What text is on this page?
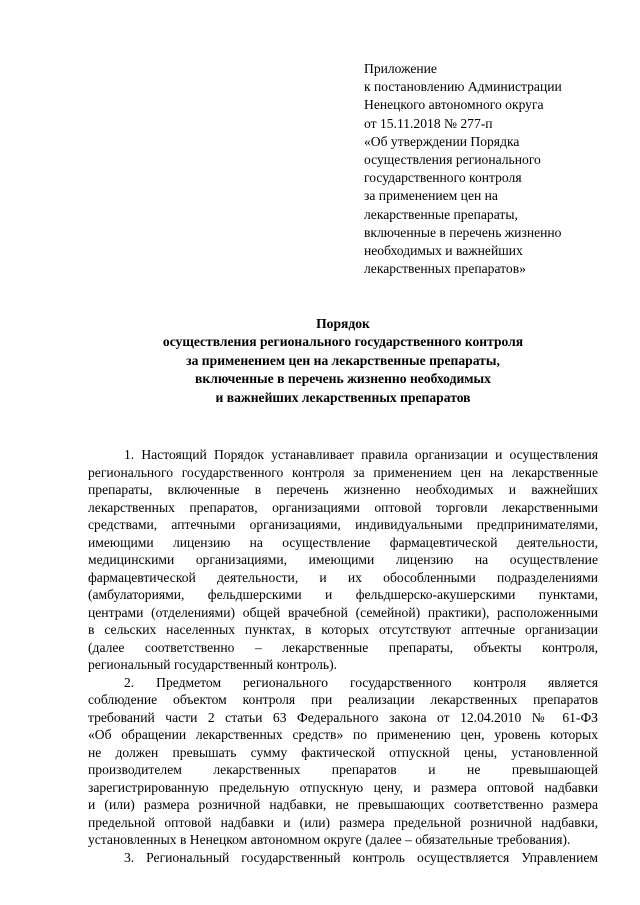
Приложение
к постановлению Администрации
Ненецкого автономного округа
от 15.11.2018 № 277-п
«Об утверждении Порядка
осуществления регионального
государственного контроля
за применением цен на
лекарственные препараты,
включенные в перечень жизненно
необходимых и важнейших
лекарственных препаратов»
Порядок
осуществления регионального государственного контроля
за применением цен на лекарственные препараты,
включенные в перечень жизненно необходимых
и важнейших лекарственных препаратов
1. Настоящий Порядок устанавливает правила организации и осуществления
регионального государственного контроля за применением цен на лекарственные
препараты, включенные в перечень жизненно необходимых и важнейших
лекарственных препаратов, организациями оптовой торговли лекарственными
средствами, аптечными организациями, индивидуальными предпринимателями,
имеющими лицензию на осуществление фармацевтической деятельности,
медицинскими организациями, имеющими лицензию на осуществление
фармацевтической деятельности, и их обособленными подразделениями
(амбулаториями, фельдшерскими и фельдшерско-акушерскими пунктами,
центрами (отделениями) общей врачебной (семейной) практики), расположенными
в сельских населенных пунктах, в которых отсутствуют аптечные организации
(далее соответственно – лекарственные препараты, объекты контроля,
региональный государственный контроль).
2. Предметом регионального государственного контроля является
соблюдение объектом контроля при реализации лекарственных препаратов
требований части 2 статьи 63 Федерального закона от 12.04.2010 № 61-ФЗ
«Об обращении лекарственных средств» по применению цен, уровень которых
не должен превышать сумму фактической отпускной цены, установленной
производителем лекарственных препаратов и не превышающей
зарегистрированную предельную отпускную цену, и размера оптовой надбавки
и (или) размера розничной надбавки, не превышающих соответственно размера
предельной оптовой надбавки и (или) размера предельной розничной надбавки,
установленных в Ненецком автономном округе (далее – обязательные требования).
3. Региональный государственный контроль осуществляется Управлением
